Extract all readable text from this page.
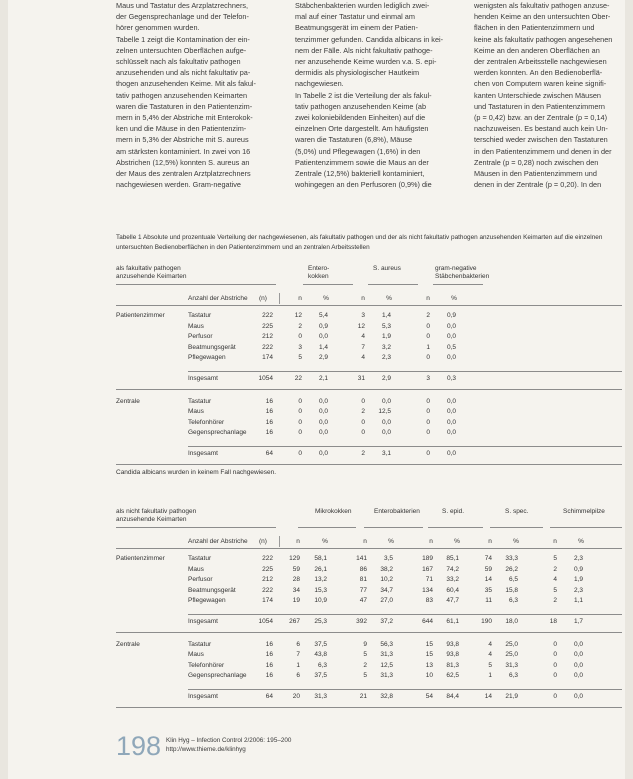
Maus und Tastatur des Arzplatzrechners,
der Gegensprechanlage und der Telefon-
hörer genommen wurden.
Tabelle 1 zeigt die Kontamination der ein-
zelnen untersuchten Oberflächen aufge-
schlüsselt nach als fakultativ pathogen
anzusehenden und als nicht fakultativ pa-
thogen anzusehenden Keime. Mit als fakul-
tativ pathogen anzusehenden Keimarten
waren die Tastaturen in den Patientenzim-
mern in 5,4% der Abstriche mit Enterokok-
ken und die Mäuse in den Patientenzim-
mern in 5,3% der Abstriche mit S. aureus
am stärksten kontaminiert. In zwei von 16
Abstrichen (12,5%) konnten S. aureus an
der Maus des zentralen Arztplatzrechners
nachgewiesen werden. Gram-negative

Stäbchenbakterien wurden lediglich zwei-
mal auf einer Tastatur und einmal am
Beatmungsgerät im einem der Patien-
tenzimmer gefunden. Candida albicans in kei-
nem der Fälle. Als nicht fakultativ pathoge-
ner anzusehende Keime wurden v.a. S. epi-
dermidis als physiologischer Hautkeim
nachgewiesen.
In Tabelle 2 ist die Verteilung der als fakul-
tativ pathogen anzusehenden Keime (ab
zwei koloniebildenden Einheiten) auf die
einzelnen Orte dargestellt. Am häufigsten
waren die Tastaturen (6,8%), Mäuse
(5,0%) und Pflegewagen (1,6%) in den
Patientenzimmern sowie die Maus an der
Zentrale (12,5%) bakteriell kontaminiert,
wohingegen an den Perfusoren (0,9%) die

wenigsten als fakultativ pathogen anzuse-
henden Keime an den untersuchten Ober-
flächen in den Patientenzimmern und
keine als fakultativ pathogen angesehenen
Keime an den anderen Oberflächen an
der zentralen Arbeitsstelle nachgewiesen
werden konnten. An den Bedienoberflä-
chen von Computern waren keine signifi-
kanten Unterschiede zwischen Mäusen
und Tastaturen in den Patientenzimmern
(p = 0,42) bzw. an der Zentrale (p = 0,14)
nachzuweisen. Es bestand auch kein Un-
terschied weder zwischen den Tastaturen
in den Patientenzimmern und denen in der
Zentrale (p = 0,28) noch zwischen den
Mäusen in den Patientenzimmern und
denen in der Zentrale (p = 0,20). In den

Tabelle 1 Absolute und prozentuale Verteilung der nachgewiesenen, als fakultativ pathogen und der als nicht fakultativ pathogen anzusehenden Keimarten auf die einzelnen untersuchten Bedienoberflächen in den Patientenzimmern und an zentralen Arbeitsstellen
als fakultativ pathogen
anzusehende Keimarten
Entero-
kokken
S. aureus	gram-negative
Stäbchenbakterien
Anzahl der Abstriche (n)	n	%	n	%	n	%
Patientenzimmer	Tastatur	222	12	5,4	3	1,4	2	0,9
Maus	225	2	0,9	12	5,3	0	0,0
Perfusor	212	0	0,0	4	1,9	0	0,0
Beatmungsgerät	222	3	1,4	7	3,2	1	0,5
Pflegewagen	174	5	2,9	4	2,3	0	0,0
Insgesamt	1054	22	2,1	31	2,9	3	0,3
Zentrale	Tastatur	16	0	0,0	0	0,0	0	0,0
Maus	16	0	0,0	2	12,5	0	0,0
Telefonhörer	16	0	0,0	0	0,0	0	0,0
Gegensprechanlage	16	0	0,0	0	0,0	0	0,0
Insgesamt	64	0	0,0	2	3,1	0	0,0
Candida albicans wurden in keinem Fall nachgewiesen.
als nicht fakultativ pathogen
anzusehende Keimarten
Mikrokokken	Enterobakterien	S. epid.	S. spec.	Schimmelpilze
Anzahl der Abstriche (n)	n	%	n	%	n	%	n	%	n	%
Patientenzimmer	Tastatur	222	129	58,1	141	3,5	189	85,1	74	33,3	5	2,3
Maus	225	59	26,1	86	38,2	167	74,2	59	26,2	2	0,9
Perfusor	212	28	13,2	81	10,2	71	33,2	14	6,5	4	1,9
Beatmungsgerät	222	34	15,3	77	34,7	134	60,4	35	15,8	5	2,3
Pflegewagen	174	19	10,9	47	27,0	83	47,7	11	6,3	2	1,1
Insgesamt	1054	267	25,3	392	37,2	644	61,1	190	18,0	18	1,7
Zentrale	Tastatur	16	6	37,5	9	56,3	15	93,8	4	25,0	0	0,0
Maus	16	7	43,8	5	31,3	15	93,8	4	25,0	0	0,0
Telefonhörer	16	1	6,3	2	12,5	13	81,3	5	31,3	0	0,0
Gegensprechanlage	16	6	37,5	5	31,3	10	62,5	1	6,3	0	0,0
Insgesamt	64	20	31,3	21	32,8	54	84,4	14	21,9	0	0,0
198 Klin Hyg – Infection Control 2/2006: 195–200
http://www.thieme.de/klinhyg
